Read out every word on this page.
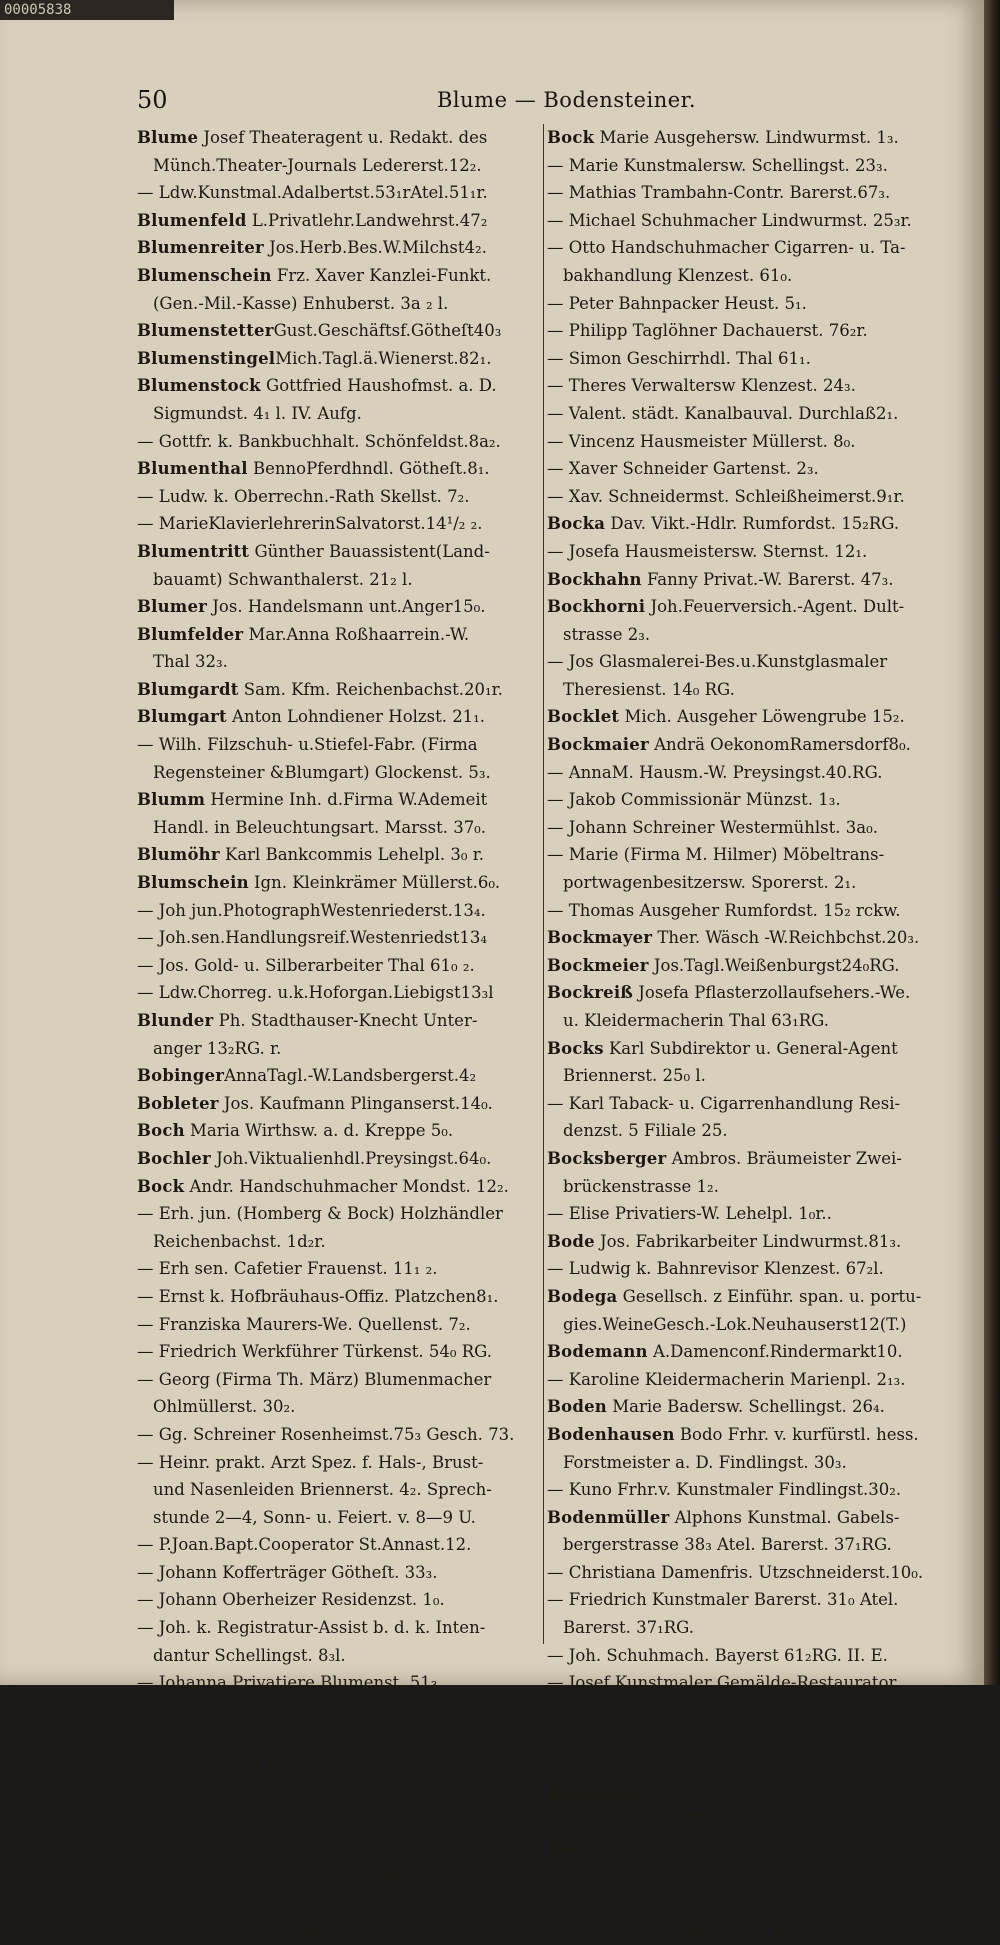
00005838
50	Blume — Bodensteiner.
Blume Josef Theateragent u. Redakt. des
Münch.Theater-Journals Ledererst.12₂.
— Ldw.Kunstmal.Adalbertst.53₁rAtel.51₁r.
Blumenfeld L.Privatlehr.Landwehrst.47₂
Blumenreiter Jos.Herb.Bes.W.Milchst4₂.
Blumenschein Frz. Xaver Kanzlei-Funkt.
(Gen.-Mil.-Kasse) Enhuberst. 3a ₂ l.
BlumenstetterGust.Geschäftsf.Götheſt40₃
BlumenstingelMich.Tagl.ä.Wienerst.82₁.
Blumenstock Gottfried Haushofmst. a. D.
Sigmundst. 4₁ l. IV. Aufg.
— Gottfr. k. Bankbuchhalt. Schönfeldst.8a₂.
Blumenthal BennoPferdhndl. Götheſt.8₁.
— Ludw. k. Oberrechn.-Rath Skellst. 7₂.
— MarieKlavierlehrerinSalvatorst.14¹/₂ ₂.
Blumentritt Günther Bauassistent(Land-
bauamt) Schwanthalerst. 21₂ l.
Blumer Jos. Handelsmann unt.Anger15₀.
Blumfelder Mar.Anna Roßhaarrein.-W.
Thal 32₃.
Blumgardt Sam. Kfm. Reichenbachst.20₁r.
Blumgart Anton Lohndiener Holzst. 21₁.
— Wilh. Filzschuh- u.Stiefel-Fabr. (Firma
Regensteiner &Blumgart) Glockenst. 5₃.
Blumm Hermine Inh. d.Firma W.Ademeit
Handl. in Beleuchtungsart. Marsst. 37₀.
Blumöhr Karl Bankcommis Lehelpl. 3₀ r.
Blumschein Ign. Kleinkrämer Müllerst.6₀.
— Joh jun.PhotographWestenriederst.13₄.
— Joh.sen.Handlungsreif.Westenriedst13₄
— Jos. Gold- u. Silberarbeiter Thal 61₀ ₂.
— Ldw.Chorreg. u.k.Hoforgan.Liebigst13₃l
Blunder Ph. Stadthauser-Knecht Unter-
anger 13₂RG. r.
BobingerAnnaTagl.-W.Landsbergerst.4₂
Bobleter Jos. Kaufmann Plinganserst.14₀.
Boch Maria Wirthsw. a. d. Kreppe 5₀.
Bochler Joh.Viktualienhdl.Preysingst.64₀.
Bock Andr. Handschuhmacher Mondst. 12₂.
— Erh. jun. (Homberg & Bock) Holzhändler
Reichenbachst. 1d₂r.
— Erh sen. Cafetier Frauenst. 11₁ ₂.
— Ernst k. Hofbräuhaus-Offiz. Platzchen8₁.
— Franziska Maurers-We. Quellenst. 7₂.
— Friedrich Werkführer Türkenst. 54₀ RG.
— Georg (Firma Th. März) Blumenmacher
Ohlmüllerst. 30₂.
— Gg. Schreiner Rosenheimst.75₃ Gesch. 73.
— Heinr. prakt. Arzt Spez. f. Hals-, Brust-
und Nasenleiden Briennerst. 4₂. Sprech-
stunde 2—4, Sonn- u. Feiert. v. 8—9 U.
— P.Joan.Bapt.Cooperator St.Annast.12.
— Johann Kofferträger Götheſt. 33₃.
— Johann Oberheizer Residenzst. 1₀.
— Joh. k. Registratur-Assist b. d. k. Inten-
dantur Schellingst. 8₃l.
— Johanna Privatiere Blumenst. 51₃.
— Josef Schneider Bräuhausst. 3₄.
— JosefaZimmermanns-W.Jahnst.35₂RG
— Karl Maurer Hochst. 17₂.
— Karl Tuchmacher Paulanerplatz 31₀.
— Kaspar Vergolder Corneliusst. 20₁rckw.
— Kath. Maurersw. Quellenst. 50₂.
— Konrad Kaufmann Senefelderst. 2₂r.
— Leonh. Schuhmacher Theresienst. 120₂.
— Ludwig Maurer Quellenst. 50₂.
Bock Marie Ausgehersw. Lindwurmst. 1₃.
— Marie Kunstmalersw. Schellingst. 23₃.
— Mathias Trambahn-Contr. Barerst.67₃.
— Michael Schuhmacher Lindwurmst. 25₃r.
— Otto Handschuhmacher Cigarren- u. Ta-
bakhandlung Klenzest. 61₀.
— Peter Bahnpacker Heust. 5₁.
— Philipp Taglöhner Dachauerst. 76₂r.
— Simon Geschirrhdl. Thal 61₁.
— Theres Verwaltersw Klenzest. 24₃.
— Valent. städt. Kanalbauval. Durchlaß2₁.
— Vincenz Hausmeister Müllerst. 8₀.
— Xaver Schneider Gartenst. 2₃.
— Xav. Schneidermst. Schleißheimerst.9₁r.
Bocka Dav. Vikt.-Hdlr. Rumfordst. 15₂RG.
— Josefa Hausmeistersw. Sternst. 12₁.
Bockhahn Fanny Privat.-W. Barerst. 47₃.
Bockhorni Joh.Feuerversich.-Agent. Dult-
strasse 2₃.
— Jos Glasmalerei-Bes.u.Kunstglasmaler
Theresienst. 14₀ RG.
Bocklet Mich. Ausgeher Löwengrube 15₂.
Bockmaier Andrä OekonomRamersdorf8₀.
— AnnaM. Hausm.-W. Preysingst.40.RG.
— Jakob Commissionär Münzst. 1₃.
— Johann Schreiner Westermühlst. 3a₀.
— Marie (Firma M. Hilmer) Möbeltrans-
portwagenbesitzersw. Sporerst. 2₁.
— Thomas Ausgeher Rumfordst. 15₂ rckw.
Bockmayer Ther. Wäsch -W.Reichbchst.20₃.
Bockmeier Jos.Tagl.Weißenburgst24₀RG.
Bockreiß Josefa Pflasterzollaufsehers.-We.
u. Kleidermacherin Thal 63₁RG.
Bocks Karl Subdirektor u. General-Agent
Briennerst. 25₀ l.
— Karl Taback- u. Cigarrenhandlung Resi-
denzst. 5 Filiale 25.
Bocksberger Ambros. Bräumeister Zwei-
brückenstrasse 1₂.
— Elise Privatiers-W. Lehelpl. 1₀r..
Bode Jos. Fabrikarbeiter Lindwurmst.81₃.
— Ludwig k. Bahnrevisor Klenzest. 67₂l.
Bodega Gesellsch. z Einführ. span. u. portu-
gies.WeineGesch.-Lok.Neuhauserst12(T.)
Bodemann A.Damenconf.Rindermarkt10.
— Karoline Kleidermacherin Marienpl. 2₁₃.
Boden Marie Badersw. Schellingst. 26₄.
Bodenhausen Bodo Frhr. v. kurfürstl. hess.
Forstmeister a. D. Findlingst. 30₃.
— Kuno Frhr.v. Kunstmaler Findlingst.30₂.
Bodenmüller Alphons Kunstmal. Gabels-
bergerstrasse 38₃ Atel. Barerst. 37₁RG.
— Christiana Damenfris. Utzschneiderst.10₀.
— Friedrich Kunstmaler Barerst. 31₀ Atel.
Barerst. 37₁RG.
— Joh. Schuhmach. Bayerst 61₂RG. II. E.
— Josef Kunstmaler Gemälde-Restaurator
u. Regenerator Gabelsbergerst. 38₂.
— Karl Maurer Utzschneiderst. 10₀.
— Dr. Theod. ehem. Apoth. Utzschneidst. 14₃.
Bodenstein Jul.LandschaftsmalerGabels-
bergerstrasse 77₃ Atelier 77₁.
Bodensteiner Joh. Hartsch Morassist.20₂.
— Jos Metzgermeister Schwanthalerst.29₀.
— Jos Schuhmacher Neuhauserst. 2₃.
— Walb. Zimmermeisterw. Geierst. 11a₁l.
